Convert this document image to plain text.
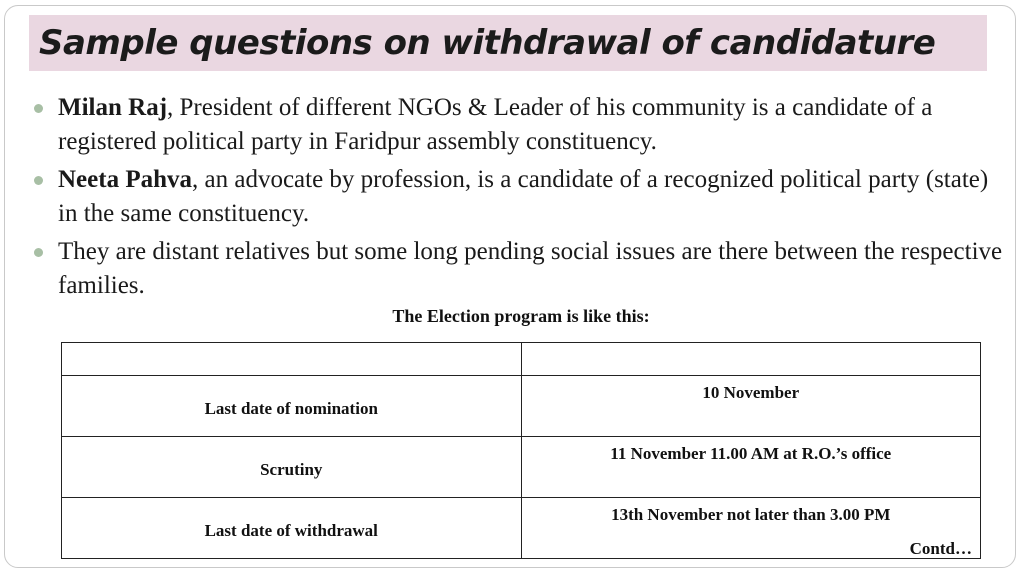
Sample questions on withdrawal of candidature
Milan Raj, President of different NGOs & Leader of his community is a candidate of a registered political party in Faridpur assembly constituency.
Neeta Pahva, an advocate by profession, is a candidate of a recognized political party (state) in the same constituency.
They are distant relatives but some long pending social issues are there between the respective families.
The Election program is like this:

Last date of nomination	10 November
Scrutiny	11 November 11.00 AM at R.O.’s office
Last date of withdrawal	13th November not later than 3.00 PM
Contd…
